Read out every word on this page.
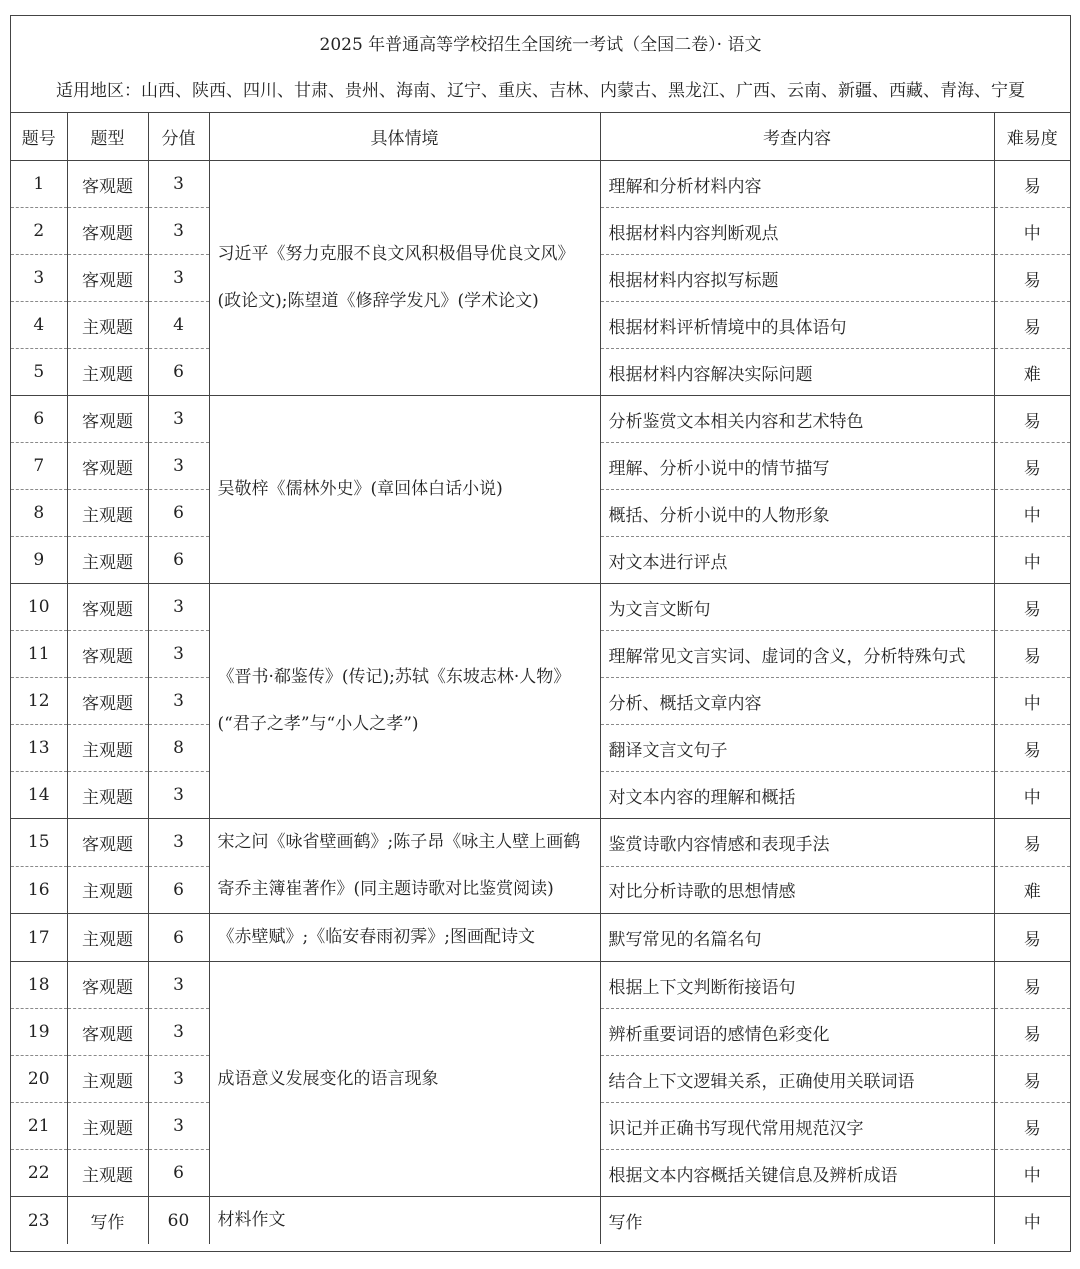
2025 年普通高等学校招生全国统一考试（全国二卷）· 语文
适用地区：山西、陕西、四川、甘肃、贵州、海南、辽宁、重庆、吉林、内蒙古、黑龙江、广西、云南、新疆、西藏、青海、宁夏
题号	题型	分值	具体情境	考查内容	难易度
1	客观题	3	习近平《努力克服不良文风积极倡导优良文风》(政论文);陈望道《修辞学发凡》(学术论文)	理解和分析材料内容	易
2	客观题	3		根据材料内容判断观点	中
3	客观题	3		根据材料内容拟写标题	易
4	主观题	4		根据材料评析情境中的具体语句	易
5	主观题	6		根据材料内容解决实际问题	难
6	客观题	3	吴敬梓《儒林外史》(章回体白话小说)	分析鉴赏文本相关内容和艺术特色	易
7	客观题	3		理解、分析小说中的情节描写	易
8	主观题	6		概括、分析小说中的人物形象	中
9	主观题	6		对文本进行评点	中
10	客观题	3	《晋书·郗鉴传》(传记);苏轼《东坡志林·人物》(“君子之孝”与“小人之孝”)	为文言文断句	易
11	客观题	3		理解常见文言实词、虚词的含义，分析特殊句式	易
12	客观题	3		分析、概括文章内容	中
13	主观题	8		翻译文言文句子	易
14	主观题	3		对文本内容的理解和概括	中
15	客观题	3	宋之问《咏省壁画鹤》;陈子昂《咏主人壁上画鹤寄乔主簿崔著作》(同主题诗歌对比鉴赏阅读)	鉴赏诗歌内容情感和表现手法	易
16	主观题	6		对比分析诗歌的思想情感	难
17	主观题	6	《赤壁赋》;《临安春雨初霁》;图画配诗文	默写常见的名篇名句	易
18	客观题	3	成语意义发展变化的语言现象	根据上下文判断衔接语句	易
19	客观题	3		辨析重要词语的感情色彩变化	易
20	主观题	3		结合上下文逻辑关系，正确使用关联词语	易
21	主观题	3		识记并正确书写现代常用规范汉字	易
22	主观题	6		根据文本内容概括关键信息及辨析成语	中
23	写作	60	材料作文	写作	中
